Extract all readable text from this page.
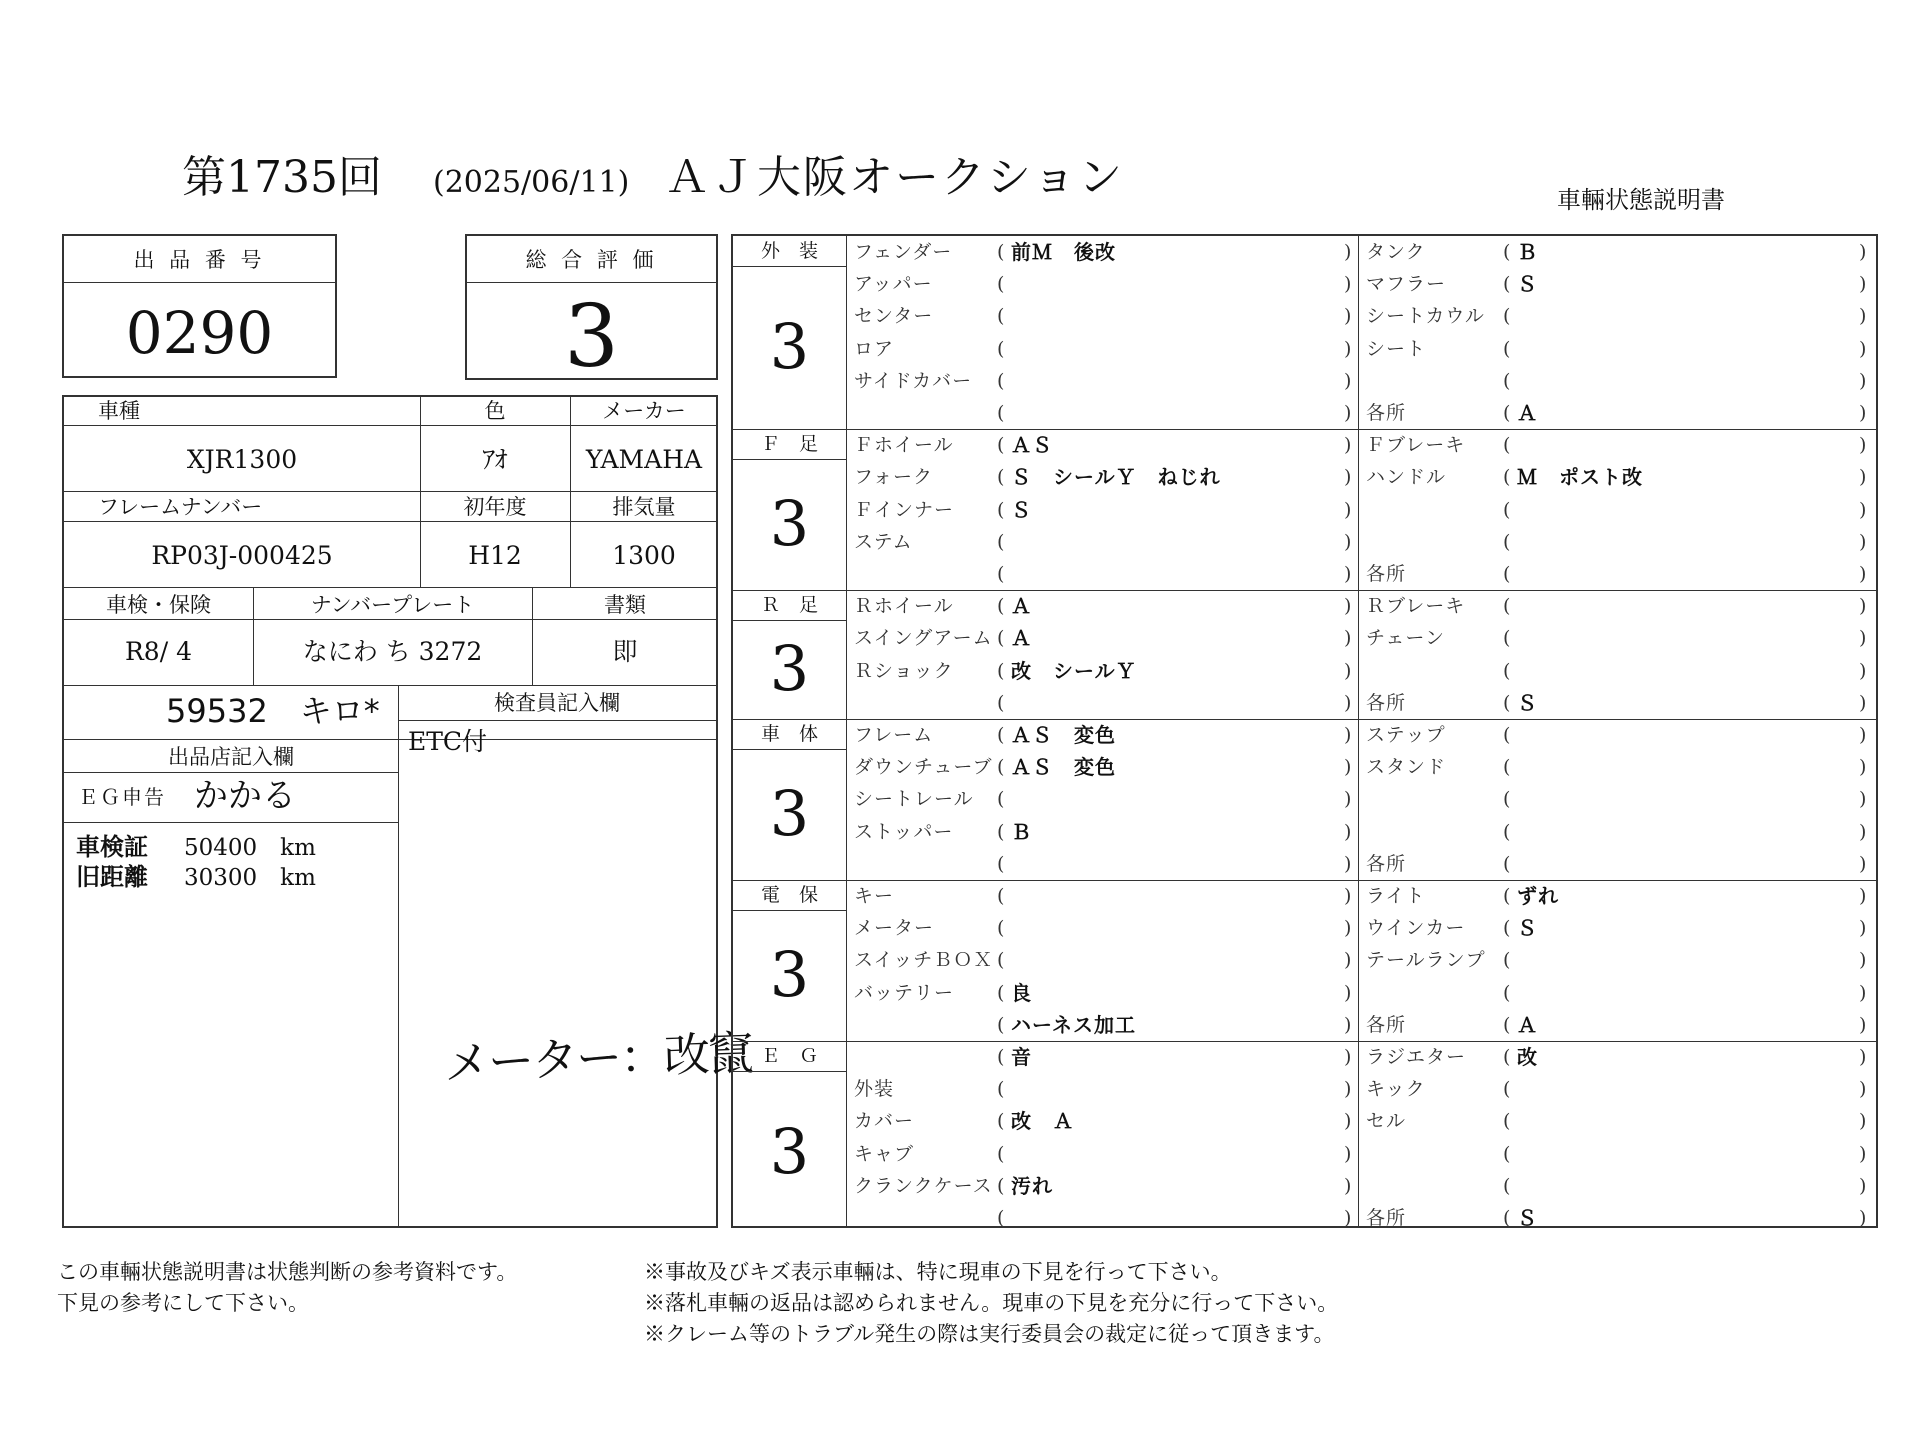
第1735回 (2025/06/11) ＡＪ大阪オークション	車輛状態説明書
出 品 番 号
0290
総 合 評 価
3
車種	色	メーカー
XJR1300	ｱｵ	YAMAHA
フレームナンバー	初年度	排気量
RP03J-000425	H12	1300
車検・保険	ナンバープレート	書類
R8/ 4	なにわ ち 3272	即
59532　キロ*	検査員記入欄
ETC付
メーター：改竄
出品店記入欄
ＥＧ申告 かかる
車検証 50400　km
旧距離 30300　km
外　装
3
フェンダー ( 前Ｍ　後改	) タンク	( Ｂ	)
アッパー	(	) マフラー	( Ｓ	)
センター	(	) シートカウル (	)
ロア	(	) シート	(	)
サイドカバー (	)	(	)
(	) 各所	( Ａ	)
Ｆ　足
3
Ｆホイール ( ＡＳ	) Ｆブレーキ (	)
フォーク	( Ｓ　シールＹ　ねじれ	) ハンドル	( Ｍ　ポスト改	)
Ｆインナー ( Ｓ	)	(	)
ステム	(	)	(	)
(	) 各所	(	)
Ｒ　足
3
Ｒホイール ( Ａ	) Ｒブレーキ (	)
スイングアーム ( Ａ	) チェーン	(	)
Ｒショック ( 改　シールＹ	)	(	)
(	) 各所	( Ｓ	)
車　体
3
フレーム	( ＡＳ　変色	) ステップ	(	)
ダウンチューブ ( ＡＳ　変色	) スタンド	(	)
シートレール (	)	(	)
ストッパー ( Ｂ	)	(	)
(	) 各所	(	)
電　保
3
キー	(	) ライト	( ずれ	)
メーター	(	) ウインカー ( Ｓ	)
スイッチＢＯＸ (	) テールランプ (	)
バッテリー ( 良	)	(	)
( ハーネス加工	) 各所	( Ａ	)
Ｅ　Ｇ
3
( 音	) ラジエター ( 改	)
外装	(	) キック	(	)
カバー	( 改　Ａ	) セル	(	)
キャブ	(	)	(	)
クランクケース ( 汚れ	)	(	)
(	) 各所	( Ｓ	)
この車輛状態説明書は状態判断の参考資料です。
下見の参考にして下さい。
※事故及びキズ表示車輛は、特に現車の下見を行って下さい。
※落札車輛の返品は認められません。現車の下見を充分に行って下さい。
※クレーム等のトラブル発生の際は実行委員会の裁定に従って頂きます。
